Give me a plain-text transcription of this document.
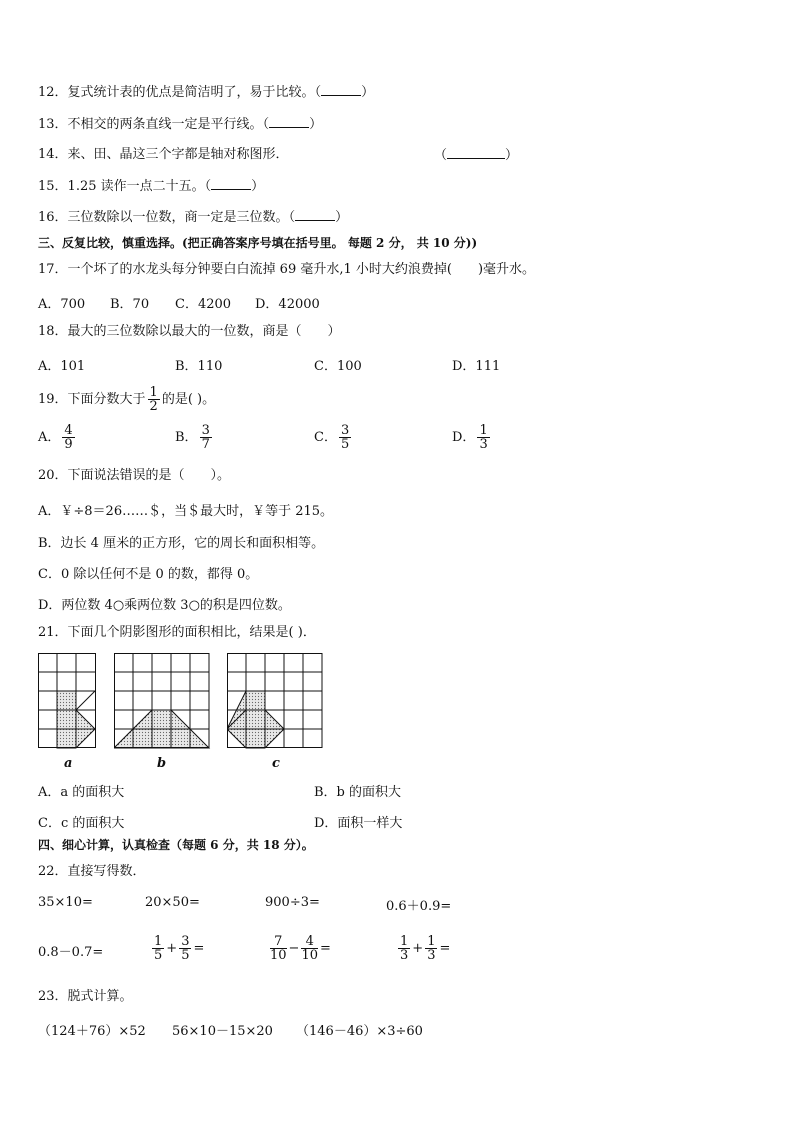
12．复式统计表的优点是简洁明了，易于比较。（	）
13．不相交的两条直线一定是平行线。（	）
14．来、田、晶这三个字都是轴对称图形．	（	）
15．1.25 读作一点二十五。（	）
16．三位数除以一位数，商一定是三位数。（	）
三、反复比较，慎重选择。(把正确答案序号填在括号里。 每题 2 分， 共 10 分))
17．一个坏了的水龙头每分钟要白白流掉 69 毫升水,1 小时大约浪费掉(　　)毫升水。
A．700 B．70 C．4200 D．42000
18．最大的三位数除以最大的一位数，商是（　　）
A．101	B．110	C．100	D．111
19．下面分数大于 $\frac{1}{2}$ 的是( )。
A． $\frac{4}{9}$	B． $\frac{3}{7}$	C． $\frac{3}{5}$	D． $\frac{1}{3}$
20．下面说法错误的是（　　）。
A．￥÷8＝26……＄，当＄最大时，￥等于 215。
B．边长 4 厘米的正方形，它的周长和面积相等。
C．0 除以任何不是 0 的数，都得 0。
D．两位数 4○乘两位数 3○的积是四位数。
21．下面几个阴影图形的面积相比，结果是( )．
a	b	c
A．a 的面积大	B．b 的面积大
C．c 的面积大	D．面积一样大
四、细心计算，认真检查（每题 6 分，共 18 分）。
22．直接写得数．
35×10=	20×50=	900÷3=	0.6＋0.9=
0.8－0.7=	$\frac{1}{5} + \frac{3}{5}$ =	$\frac{7}{10} - \frac{4}{10}$ =	$\frac{1}{3} + \frac{1}{3}$ =
23．脱式计算。
（124＋76）×52 56×10－15×20 （146－46）×3÷60
